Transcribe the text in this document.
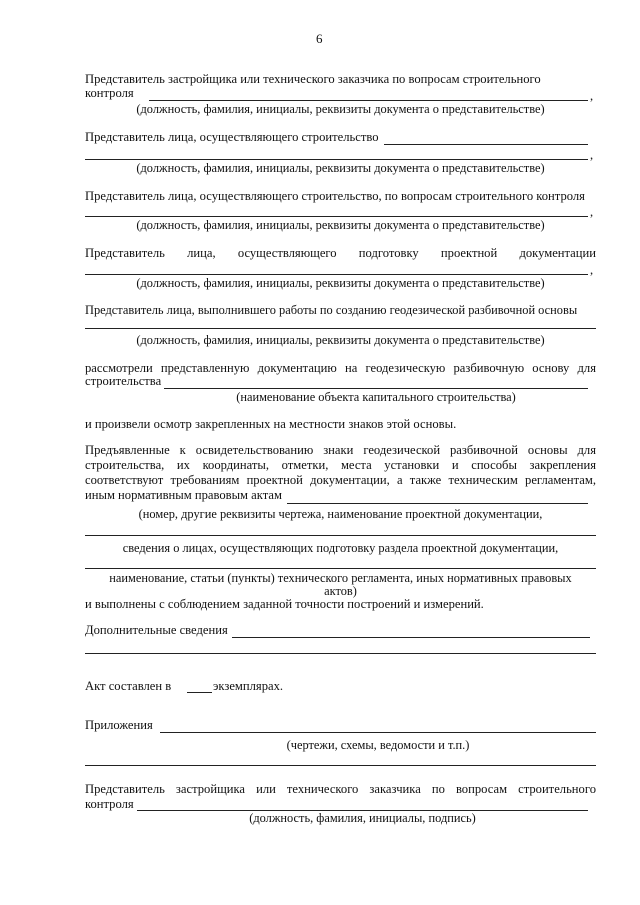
6
Представитель застройщика или технического заказчика по вопросам строительного
контроля	,
(должность, фамилия, инициалы, реквизиты документа о представительстве)
Представитель лица, осуществляющего строительство
,
(должность, фамилия, инициалы, реквизиты документа о представительстве)
Представитель лица, осуществляющего строительство, по вопросам строительного контроля
,
(должность, фамилия, инициалы, реквизиты документа о представительстве)
Представитель лица, осуществляющего подготовку проектной документации
,
(должность, фамилия, инициалы, реквизиты документа о представительстве)
Представитель лица, выполнившего работы по созданию геодезической разбивочной основы
(должность, фамилия, инициалы, реквизиты документа о представительстве)
рассмотрели представленную документацию на геодезическую разбивочную основу для
строительства
(наименование объекта капитального строительства)
и произвели осмотр закрепленных на местности знаков этой основы.
Предъявленные к освидетельствованию знаки геодезической разбивочной основы для
строительства, их координаты, отметки, места установки и способы закрепления
соответствуют требованиям проектной документации, а также техническим регламентам,
иным нормативным правовым актам
(номер, другие реквизиты чертежа, наименование проектной документации,
сведения о лицах, осуществляющих подготовку раздела проектной документации,
наименование, статьи (пункты) технического регламента, иных нормативных правовых
актов)
и выполнены с соблюдением заданной точности построений и измерений.
Дополнительные сведения
Акт составлен в	экземплярах.
Приложения
(чертежи, схемы, ведомости и т.п.)
Представитель застройщика или технического заказчика по вопросам строительного
контроля
(должность, фамилия, инициалы, подпись)
